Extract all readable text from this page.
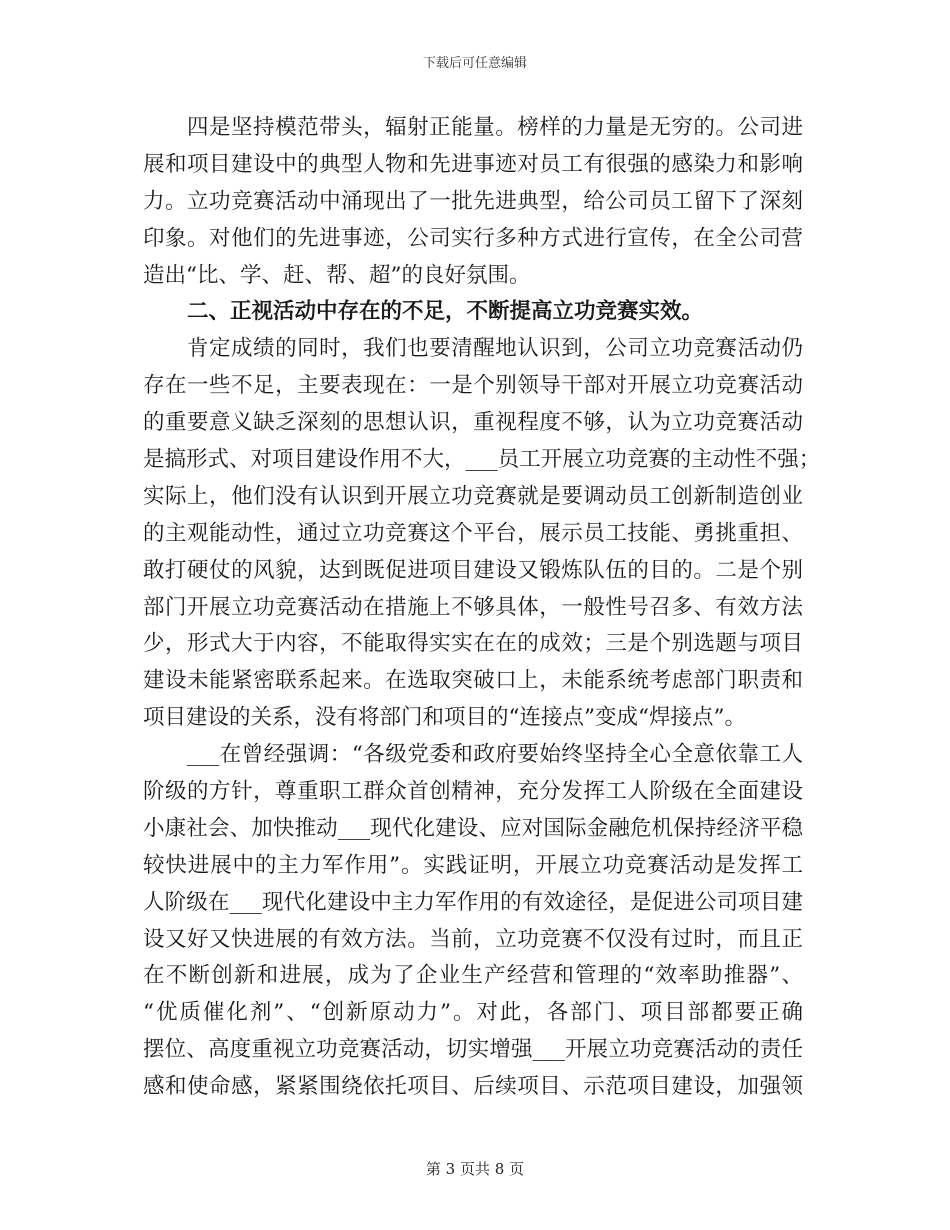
下载后可任意编辑
四是坚持模范带头，辐射正能量。榜样的力量是无穷的。公司进
展和项目建设中的典型人物和先进事迹对员工有很强的感染力和影响
力。立功竞赛活动中涌现出了一批先进典型，给公司员工留下了深刻
印象。对他们的先进事迹，公司实行多种方式进行宣传，在全公司营
造出“比、学、赶、帮、超”的良好氛围。
二、正视活动中存在的不足，不断提高立功竞赛实效。
肯定成绩的同时，我们也要清醒地认识到，公司立功竞赛活动仍
存在一些不足，主要表现在：一是个别领导干部对开展立功竞赛活动
的重要意义缺乏深刻的思想认识，重视程度不够，认为立功竞赛活动
是搞形式、对项目建设作用不大，___员工开展立功竞赛的主动性不强；
实际上，他们没有认识到开展立功竞赛就是要调动员工创新制造创业
的主观能动性，通过立功竞赛这个平台，展示员工技能、勇挑重担、
敢打硬仗的风貌，达到既促进项目建设又锻炼队伍的目的。二是个别
部门开展立功竞赛活动在措施上不够具体，一般性号召多、有效方法
少，形式大于内容，不能取得实实在在的成效；三是个别选题与项目
建设未能紧密联系起来。在选取突破口上，未能系统考虑部门职责和
项目建设的关系，没有将部门和项目的“连接点”变成“焊接点”。
___在曾经强调：“各级党委和政府要始终坚持全心全意依靠工人
阶级的方针，尊重职工群众首创精神，充分发挥工人阶级在全面建设
小康社会、加快推动___现代化建设、应对国际金融危机保持经济平稳
较快进展中的主力军作用”。实践证明，开展立功竞赛活动是发挥工
人阶级在___现代化建设中主力军作用的有效途径，是促进公司项目建
设又好又快进展的有效方法。当前，立功竞赛不仅没有过时，而且正
在不断创新和进展，成为了企业生产经营和管理的“效率助推器”、
“优质催化剂”、“创新原动力”。对此，各部门、项目部都要正确
摆位、高度重视立功竞赛活动，切实增强___开展立功竞赛活动的责任
感和使命感，紧紧围绕依托项目、后续项目、示范项目建设，加强领
第 3 页共 8 页
